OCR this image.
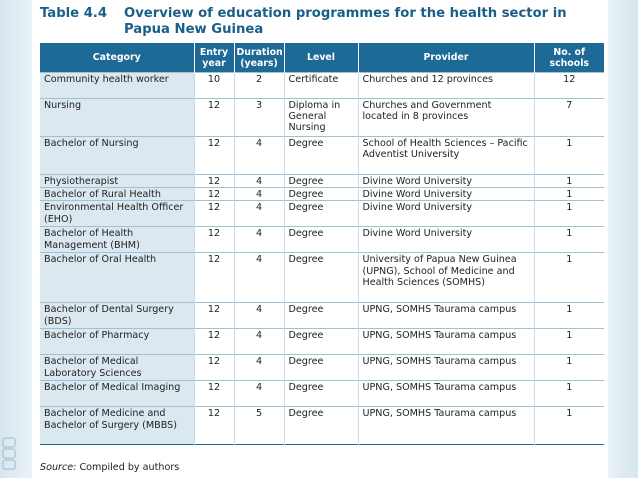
Table 4.4 Overview of education programmes for the health sector in
Papua New Guinea
Category	Entry year	Duration (years)	Level	Provider	No. of schools
Community health worker	10	2	Certificate	Churches and 12 provinces	12
Nursing	12	3	Diploma in General Nursing	Churches and Government located in 8 provinces	7
Bachelor of Nursing	12	4	Degree	School of Health Sciences – Pacific Adventist University	1
Physiotherapist	12	4	Degree	Divine Word University	1
Bachelor of Rural Health	12	4	Degree	Divine Word University	1
Environmental Health Officer (EHO)	12	4	Degree	Divine Word University	1
Bachelor of Health Management (BHM)	12	4	Degree	Divine Word University	1
Bachelor of Oral Health	12	4	Degree	University of Papua New Guinea (UPNG), School of Medicine and Health Sciences (SOMHS)	1
Bachelor of Dental Surgery (BDS)	12	4	Degree	UPNG, SOMHS Taurama campus	1
Bachelor of Pharmacy	12	4	Degree	UPNG, SOMHS Taurama campus	1
Bachelor of Medical Laboratory Sciences	12	4	Degree	UPNG, SOMHS Taurama campus	1
Bachelor of Medical Imaging	12	4	Degree	UPNG, SOMHS Taurama campus	1
Bachelor of Medicine and Bachelor of Surgery (MBBS)	12	5	Degree	UPNG, SOMHS Taurama campus	1
Source: Compiled by authors
